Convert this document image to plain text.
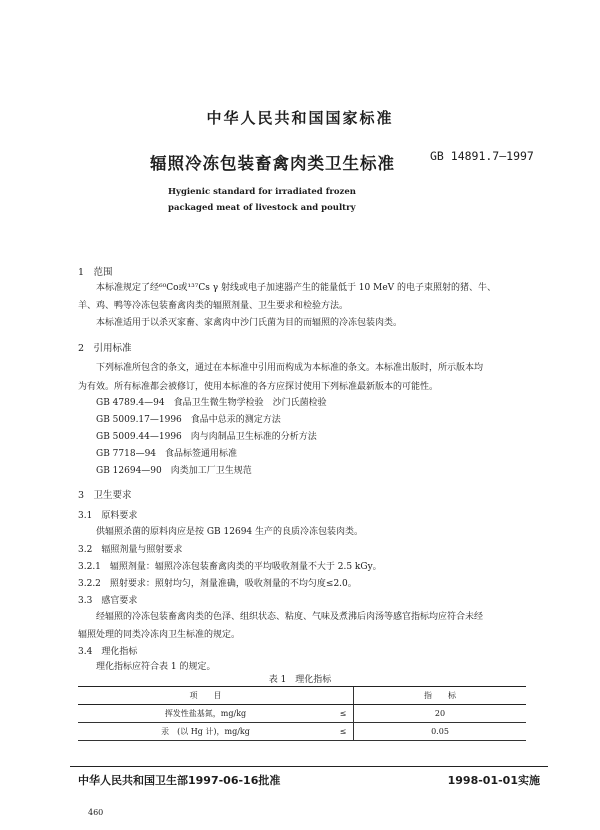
中华人民共和国国家标准
辐照冷冻包装畜禽肉类卫生标准	GB 14891.7—1997
Hygienic standard for irradiated frozen
packaged meat of livestock and poultry
1　范围
本标准规定了经⁶⁰Co或¹³⁷Cs γ 射线或电子加速器产生的能量低于 10 MeV 的电子束照射的猪、牛、
羊、鸡、鸭等冷冻包装畜禽肉类的辐照剂量、卫生要求和检验方法。
本标准适用于以杀灭家畜、家禽肉中沙门氏菌为目的而辐照的冷冻包装肉类。
2　引用标准
下列标准所包含的条文，通过在本标准中引用而构成为本标准的条文。本标准出版时，所示版本均
为有效。所有标准都会被修订，使用本标准的各方应探讨使用下列标准最新版本的可能性。
GB 4789.4—94　食品卫生微生物学检验　沙门氏菌检验
GB 5009.17—1996　食品中总汞的测定方法
GB 5009.44—1996　肉与肉制品卫生标准的分析方法
GB 7718—94　食品标签通用标准
GB 12694—90　肉类加工厂卫生规范
3　卫生要求
3.1　原料要求
供辐照杀菌的原料肉应是按 GB 12694 生产的良质冷冻包装肉类。
3.2　辐照剂量与照射要求
3.2.1　辐照剂量：辐照冷冻包装畜禽肉类的平均吸收剂量不大于 2.5 kGy。
3.2.2　照射要求：照射均匀，剂量准确，吸收剂量的不均匀度≤2.0。
3.3　感官要求
经辐照的冷冻包装畜禽肉类的色泽、组织状态、粘度、气味及煮沸后肉汤等感官指标均应符合未经
辐照处理的同类冷冻肉卫生标准的规定。
3.4　理化指标
理化指标应符合表 1 的规定。
表 1　理化指标
项　　目		指　　标
挥发性盐基氮，mg/kg	≤	20
汞　(以 Hg 计)，mg/kg	≤	0.05
中华人民共和国卫生部1997-06-16批准	1998-01-01实施
460
